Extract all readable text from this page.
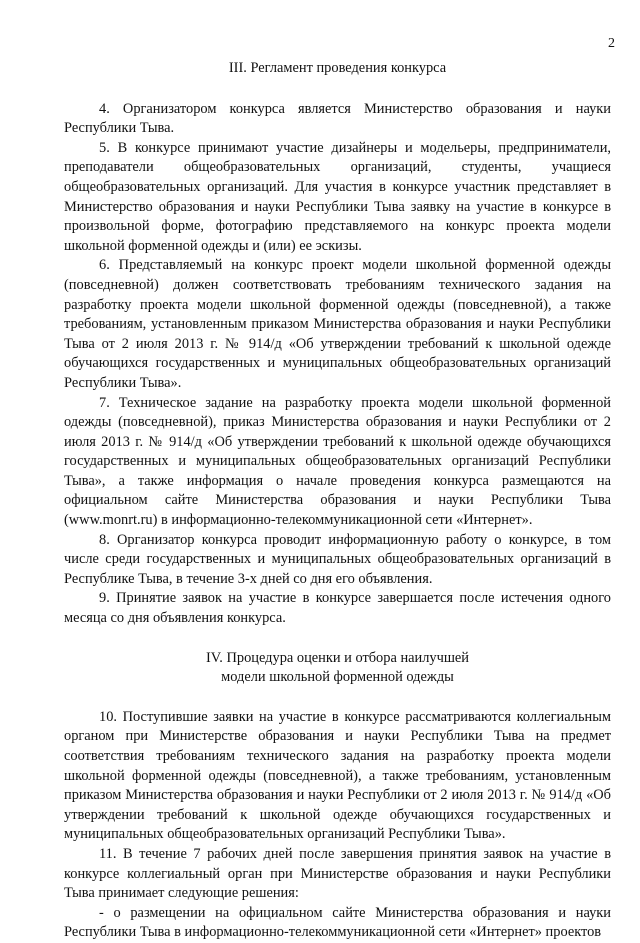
2
III. Регламент проведения конкурса

4. Организатором конкурса является Министерство образования и науки Республики Тыва.

5. В конкурсе принимают участие дизайнеры и модельеры, предприниматели, преподаватели общеобразовательных организаций, студенты, учащиеся общеобразовательных организаций. Для участия в конкурсе участник представляет в Министерство образования и науки Республики Тыва заявку на участие в конкурсе в произвольной форме, фотографию представляемого на конкурс проекта модели школьной форменной одежды и (или) ее эскизы.

6. Представляемый на конкурс проект модели школьной форменной одежды (повседневной) должен соответствовать требованиям технического задания на разработку проекта модели школьной форменной одежды (повседневной), а также требованиям, установленным приказом Министерства образования и науки Республики Тыва от 2 июля 2013 г. № 914/д «Об утверждении требований к школьной одежде обучающихся государственных и муниципальных общеобразовательных организаций Республики Тыва».

7. Техническое задание на разработку проекта модели школьной форменной одежды (повседневной), приказ Министерства образования и науки Республики от 2 июля 2013 г. № 914/д «Об утверждении требований к школьной одежде обучающихся государственных и муниципальных общеобразовательных организаций Республики Тыва», а также информация о начале проведения конкурса размещаются на официальном сайте Министерства образования и науки Республики Тыва (www.monrt.ru) в информационно-телекоммуникационной сети «Интернет».

8. Организатор конкурса проводит информационную работу о конкурсе, в том числе среди государственных и муниципальных общеобразовательных организаций в Республике Тыва, в течение 3-х дней со дня его объявления.

9. Принятие заявок на участие в конкурсе завершается после истечения одного месяца со дня объявления конкурса.

IV. Процедура оценки и отбора наилучшей
модели школьной форменной одежды

10. Поступившие заявки на участие в конкурсе рассматриваются коллегиальным органом при Министерстве образования и науки Республики Тыва на предмет соответствия требованиям технического задания на разработку проекта модели школьной форменной одежды (повседневной), а также требованиям, установленным приказом Министерства образования и науки Республики от 2 июля 2013 г. № 914/д «Об утверждении требований к школьной одежде обучающихся государственных и муниципальных общеобразовательных организаций Республики Тыва».

11. В течение 7 рабочих дней после завершения принятия заявок на участие в конкурсе коллегиальный орган при Министерстве образования и науки Республики Тыва принимает следующие решения:

- о размещении на официальном сайте Министерства образования и науки Республики Тыва в информационно-телекоммуникационной сети «Интернет» проектов
